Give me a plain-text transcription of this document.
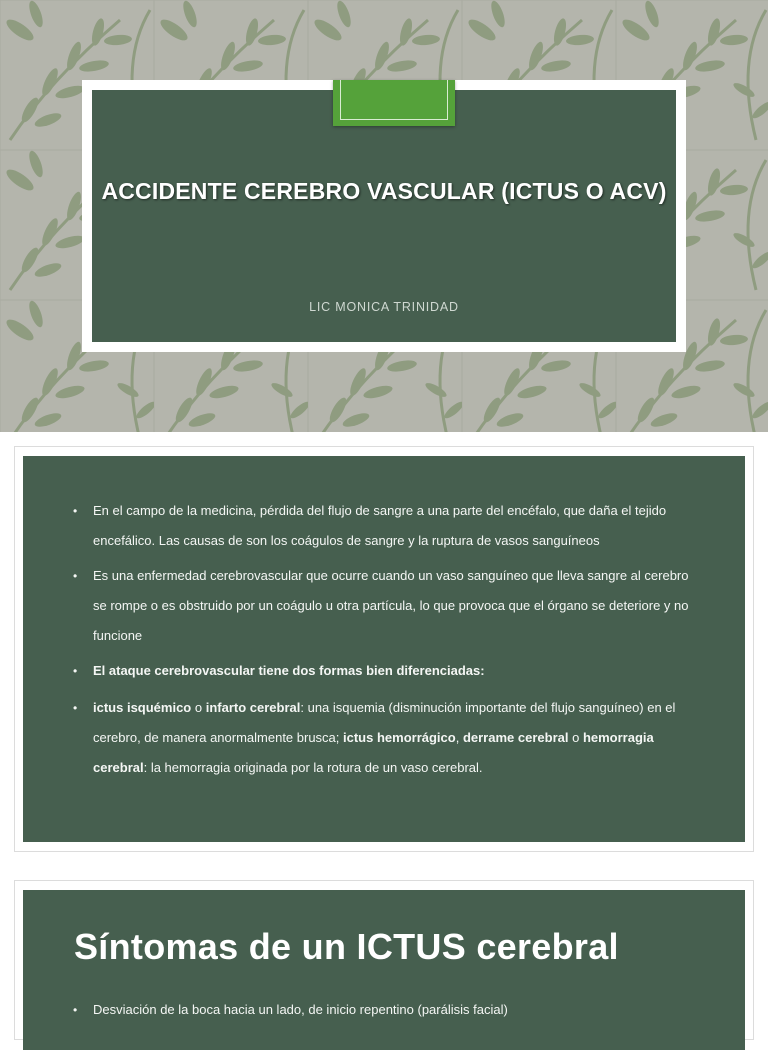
ACCIDENTE CEREBRO VASCULAR (ICTUS O ACV)
LIC MONICA TRINIDAD
• En el campo de la medicina, pérdida del flujo de sangre a una parte del encéfalo, que daña el tejido encefálico. Las causas de son los coágulos de sangre y la ruptura de vasos sanguíneos
• Es una enfermedad cerebrovascular que ocurre cuando un vaso sanguíneo que lleva sangre al cerebro se rompe o es obstruido por un coágulo u otra partícula, lo que provoca que el órgano se deteriore y no funcione
• El ataque cerebrovascular tiene dos formas bien diferenciadas:
• ictus isquémico o infarto cerebral: una isquemia (disminución importante del flujo sanguíneo) en el cerebro, de manera anormalmente brusca; ictus hemorrágico, derrame cerebral o hemorragia cerebral: la hemorragia originada por la rotura de un vaso cerebral.
Síntomas de un ICTUS cerebral
• Desviación de la boca hacia un lado, de inicio repentino (parálisis facial)
